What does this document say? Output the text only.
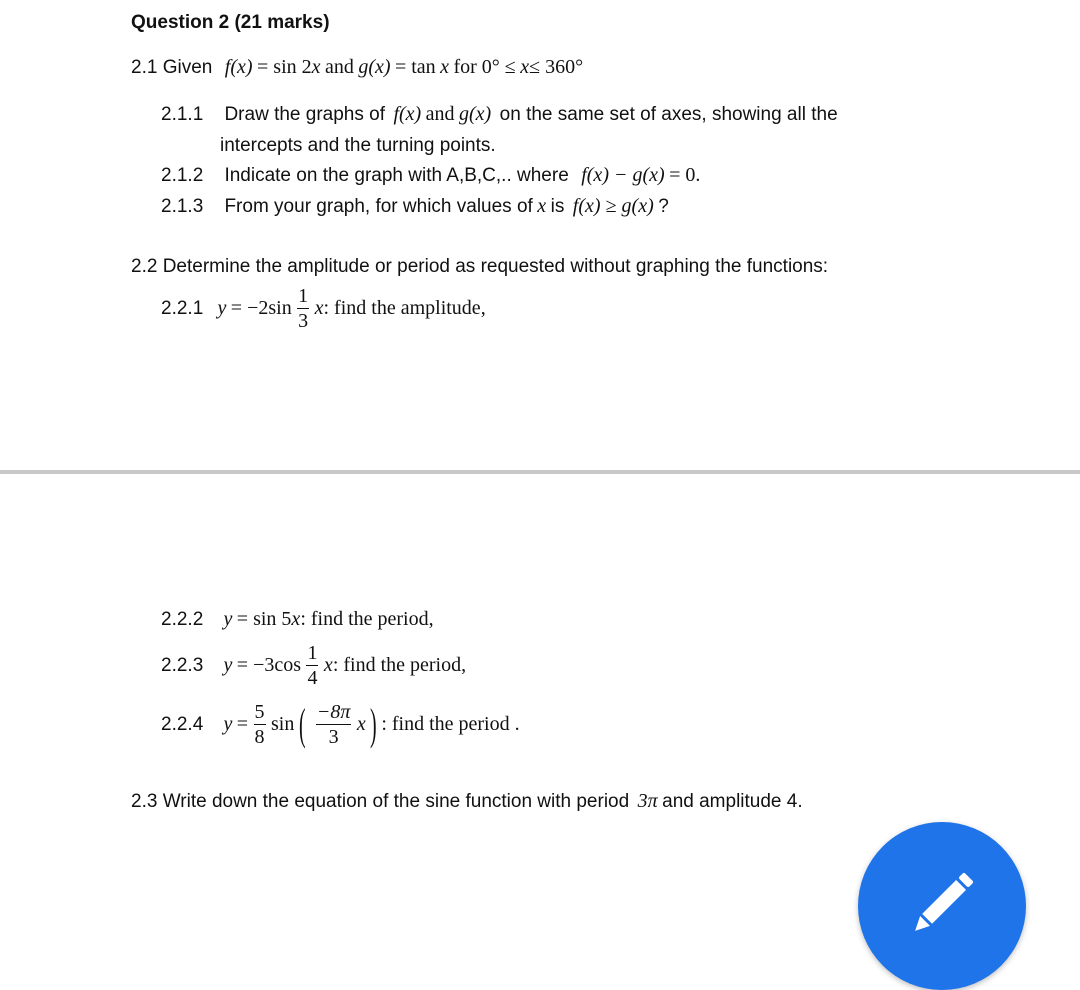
Question 2 (21 marks)
2.1 Given f(x) = sin 2x and g(x) = tan x for 0° ≤ x≤ 360°
2.1.1 Draw the graphs of f(x) and g(x) on the same set of axes, showing all the
intercepts and the turning points.
2.1.2 Indicate on the graph with A,B,C,.. where f(x) − g(x) = 0.
2.1.3 From your graph, for which values of x is f(x) ≥ g(x) ?
2.2 Determine the amplitude or period as requested without graphing the functions:
2.2.1 $y = -2\sin \frac{1}{3} x$: find the amplitude,
2.2.2 y = sin 5x: find the period,
2.2.3 $y = -3\cos \frac{1}{4} x$: find the period,
2.2.4 $y = \frac{5}{8}$ sin ( $\frac{-8\pi}{3}$ x ) : find the period .
2.3 Write down the equation of the sine function with period 3π and amplitude 4.
